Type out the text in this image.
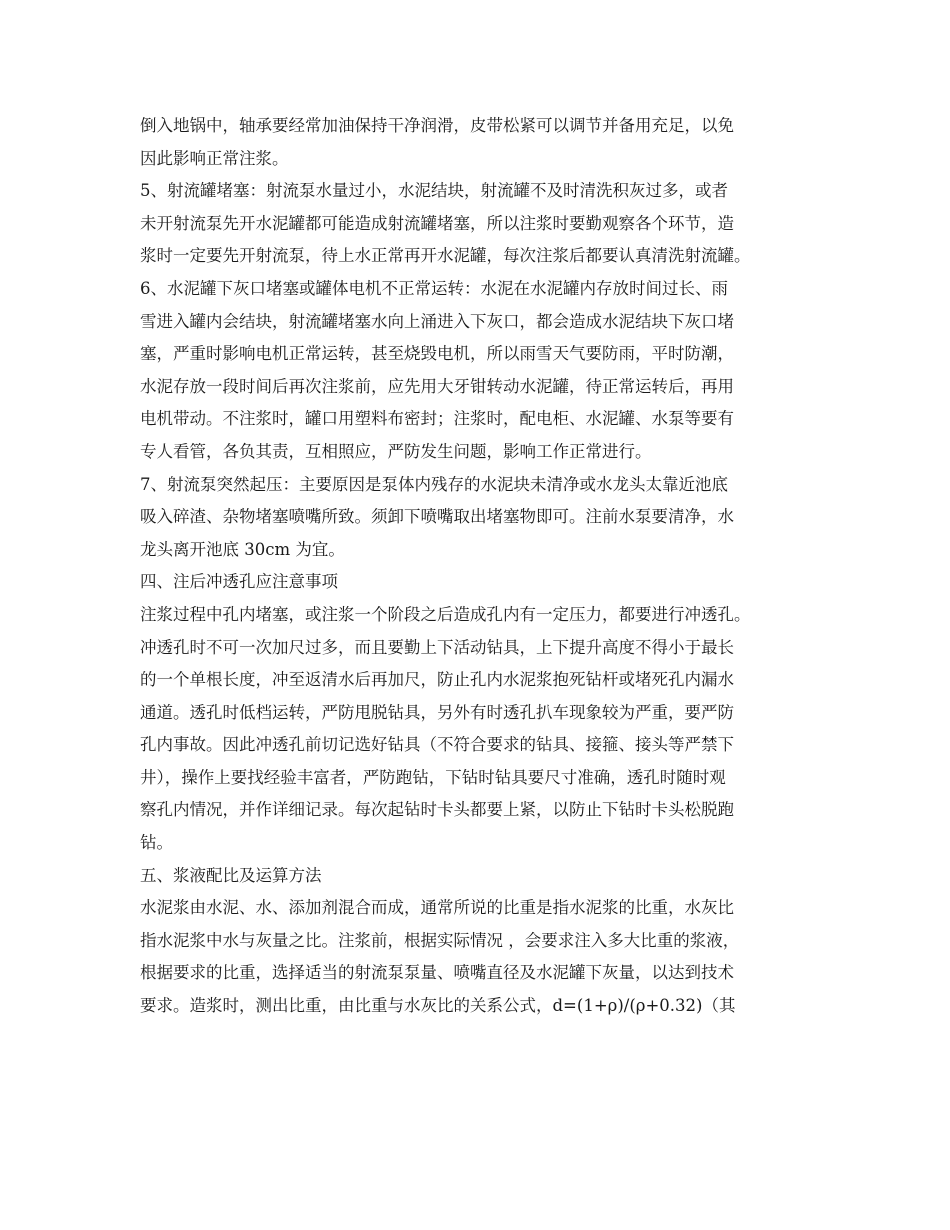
倒入地锅中，轴承要经常加油保持干净润滑，皮带松紧可以调节并备用充足，以免
因此影响正常注浆。
5、射流罐堵塞：射流泵水量过小，水泥结块，射流罐不及时清洗积灰过多，或者
未开射流泵先开水泥罐都可能造成射流罐堵塞，所以注浆时要勤观察各个环节，造
浆时一定要先开射流泵，待上水正常再开水泥罐，每次注浆后都要认真清洗射流罐。
6、水泥罐下灰口堵塞或罐体电机不正常运转：水泥在水泥罐内存放时间过长、雨
雪进入罐内会结块，射流罐堵塞水向上涌进入下灰口，都会造成水泥结块下灰口堵
塞，严重时影响电机正常运转，甚至烧毁电机，所以雨雪天气要防雨，平时防潮，
水泥存放一段时间后再次注浆前，应先用大牙钳转动水泥罐，待正常运转后，再用
电机带动。不注浆时，罐口用塑料布密封；注浆时，配电柜、水泥罐、水泵等要有
专人看管，各负其责，互相照应，严防发生问题，影响工作正常进行。
7、射流泵突然起压：主要原因是泵体内残存的水泥块未清净或水龙头太靠近池底
吸入碎渣、杂物堵塞喷嘴所致。须卸下喷嘴取出堵塞物即可。注前水泵要清净，水
龙头离开池底 30cm 为宜。
四、注后冲透孔应注意事项
注浆过程中孔内堵塞，或注浆一个阶段之后造成孔内有一定压力，都要进行冲透孔。
冲透孔时不可一次加尺过多，而且要勤上下活动钻具，上下提升高度不得小于最长
的一个单根长度，冲至返清水后再加尺，防止孔内水泥浆抱死钻杆或堵死孔内漏水
通道。透孔时低档运转，严防甩脱钻具，另外有时透孔扒车现象较为严重，要严防
孔内事故。因此冲透孔前切记选好钻具（不符合要求的钻具、接箍、接头等严禁下
井），操作上要找经验丰富者，严防跑钻，下钻时钻具要尺寸准确，透孔时随时观
察孔内情况，并作详细记录。每次起钻时卡头都要上紧，以防止下钻时卡头松脱跑
钻。
五、浆液配比及运算方法
水泥浆由水泥、水、添加剂混合而成，通常所说的比重是指水泥浆的比重，水灰比
指水泥浆中水与灰量之比。注浆前，根据实际情况 ，会要求注入多大比重的浆液，
根据要求的比重，选择适当的射流泵泵量、喷嘴直径及水泥罐下灰量，以达到技术
要求。造浆时，测出比重，由比重与水灰比的关系公式，d=(1+ρ)/(ρ+0.32)（其
